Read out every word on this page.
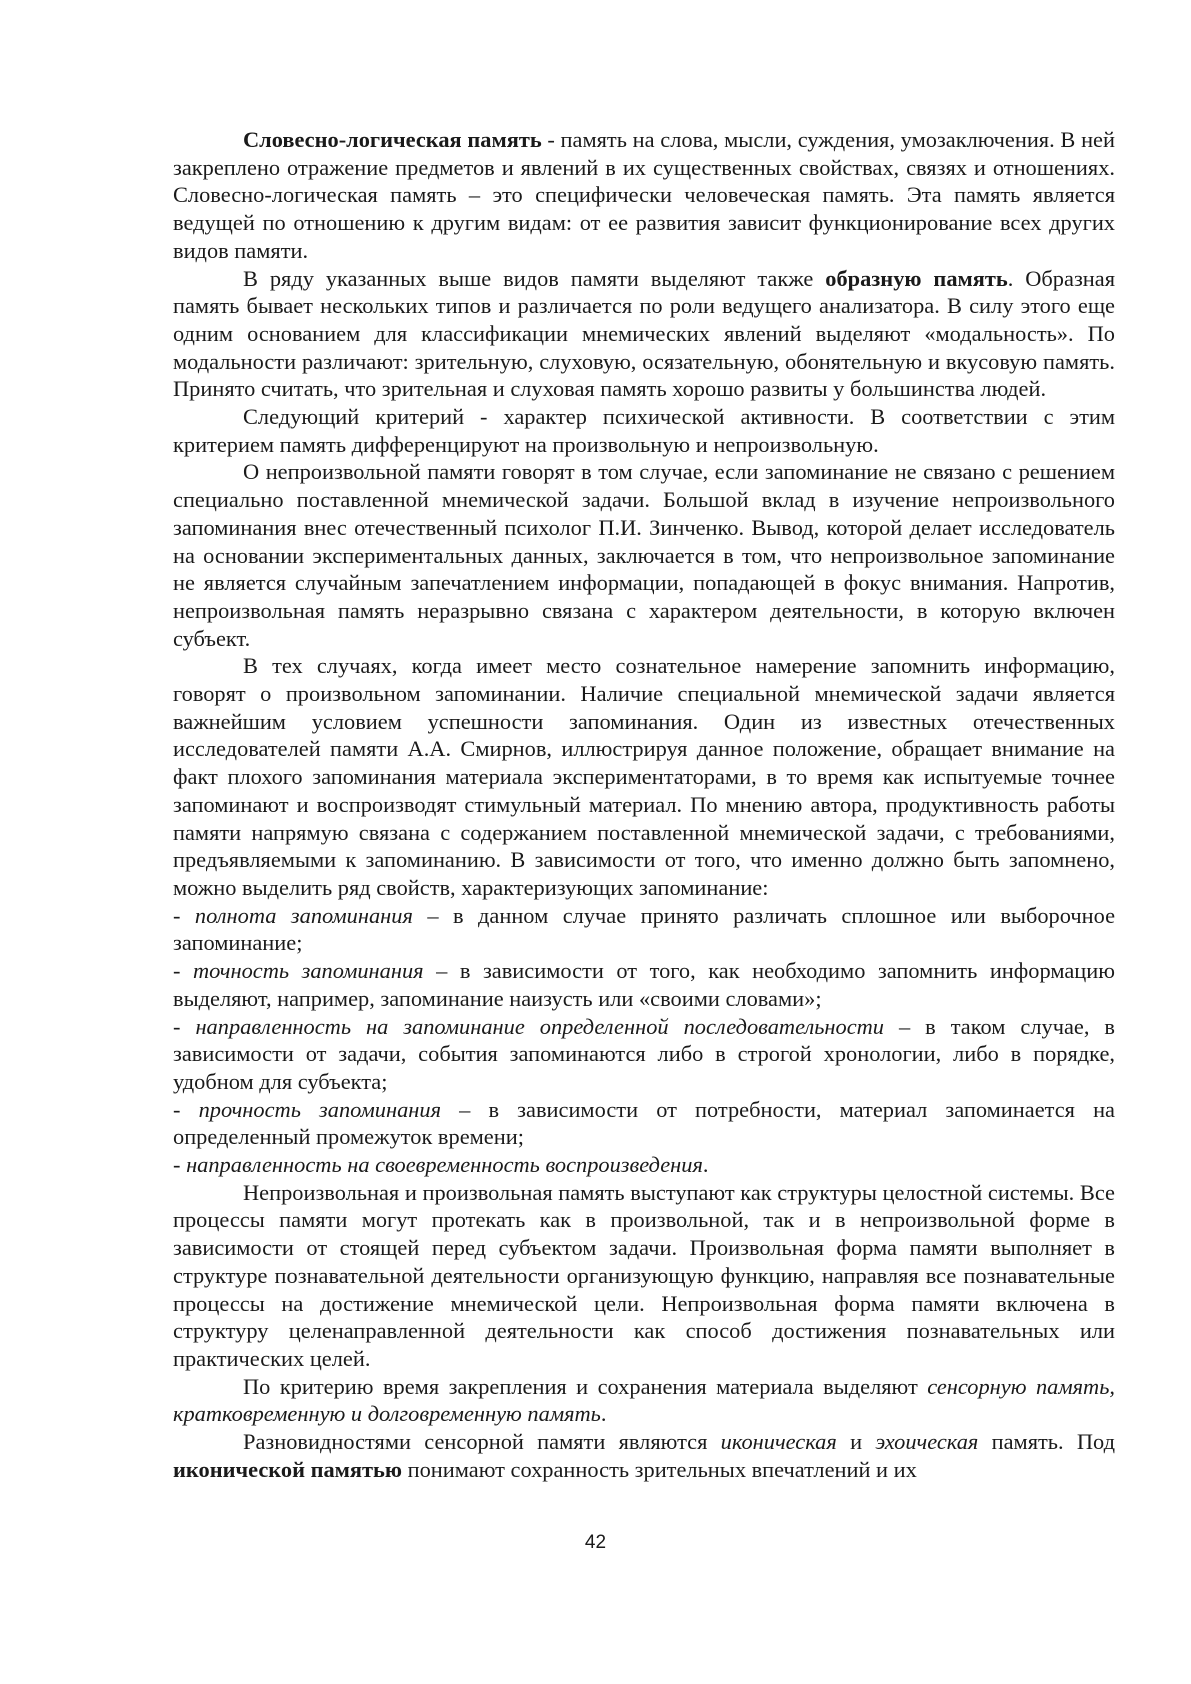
Словесно-логическая память - память на слова, мысли, суждения, умозаключения. В ней закреплено отражение предметов и явлений в их существенных свойствах, связях и отношениях. Словесно-логическая память – это специфически человеческая память. Эта память является ведущей по отношению к другим видам: от ее развития зависит функционирование всех других видов памяти.

В ряду указанных выше видов памяти выделяют также образную память. Образная память бывает нескольких типов и различается по роли ведущего анализатора. В силу этого еще одним основанием для классификации мнемических явлений выделяют «модальность». По модальности различают: зрительную, слуховую, осязательную, обонятельную и вкусовую память. Принято считать, что зрительная и слуховая память хорошо развиты у большинства людей.

Следующий критерий - характер психической активности. В соответствии с этим критерием память дифференцируют на произвольную и непроизвольную.

О непроизвольной памяти говорят в том случае, если запоминание не связано с решением специально поставленной мнемической задачи. Большой вклад в изучение непроизвольного запоминания внес отечественный психолог П.И. Зинченко. Вывод, которой делает исследователь на основании экспериментальных данных, заключается в том, что непроизвольное запоминание не является случайным запечатлением информации, попадающей в фокус внимания. Напротив, непроизвольная память неразрывно связана с характером деятельности, в которую включен субъект.

В тех случаях, когда имеет место сознательное намерение запомнить информацию, говорят о произвольном запоминании. Наличие специальной мнемической задачи является важнейшим условием успешности запоминания. Один из известных отечественных исследователей памяти А.А. Смирнов, иллюстрируя данное положение, обращает внимание на факт плохого запоминания материала экспериментаторами, в то время как испытуемые точнее запоминают и воспроизводят стимульный материал. По мнению автора, продуктивность работы памяти напрямую связана с содержанием поставленной мнемической задачи, с требованиями, предъявляемыми к запоминанию. В зависимости от того, что именно должно быть запомнено, можно выделить ряд свойств, характеризующих запоминание:

- полнота запоминания – в данном случае принято различать сплошное или выборочное запоминание;

- точность запоминания – в зависимости от того, как необходимо запомнить информацию выделяют, например, запоминание наизусть или «своими словами»;

- направленность на запоминание определенной последовательности – в таком случае, в зависимости от задачи, события запоминаются либо в строгой хронологии, либо в порядке, удобном для субъекта;

- прочность запоминания – в зависимости от потребности, материал запоминается на определенный промежуток времени;

- направленность на своевременность воспроизведения.

Непроизвольная и произвольная память выступают как структуры целостной системы. Все процессы памяти могут протекать как в произвольной, так и в непроизвольной форме в зависимости от стоящей перед субъектом задачи. Произвольная форма памяти выполняет в структуре познавательной деятельности организующую функцию, направляя все познавательные процессы на достижение мнемической цели. Непроизвольная форма памяти включена в структуру целенаправленной деятельности как способ достижения познавательных или практических целей.

По критерию время закрепления и сохранения материала выделяют сенсорную память, кратковременную и долговременную память.

Разновидностями сенсорной памяти являются иконическая и эхоическая память. Под иконической памятью понимают сохранность зрительных впечатлений и их

42
